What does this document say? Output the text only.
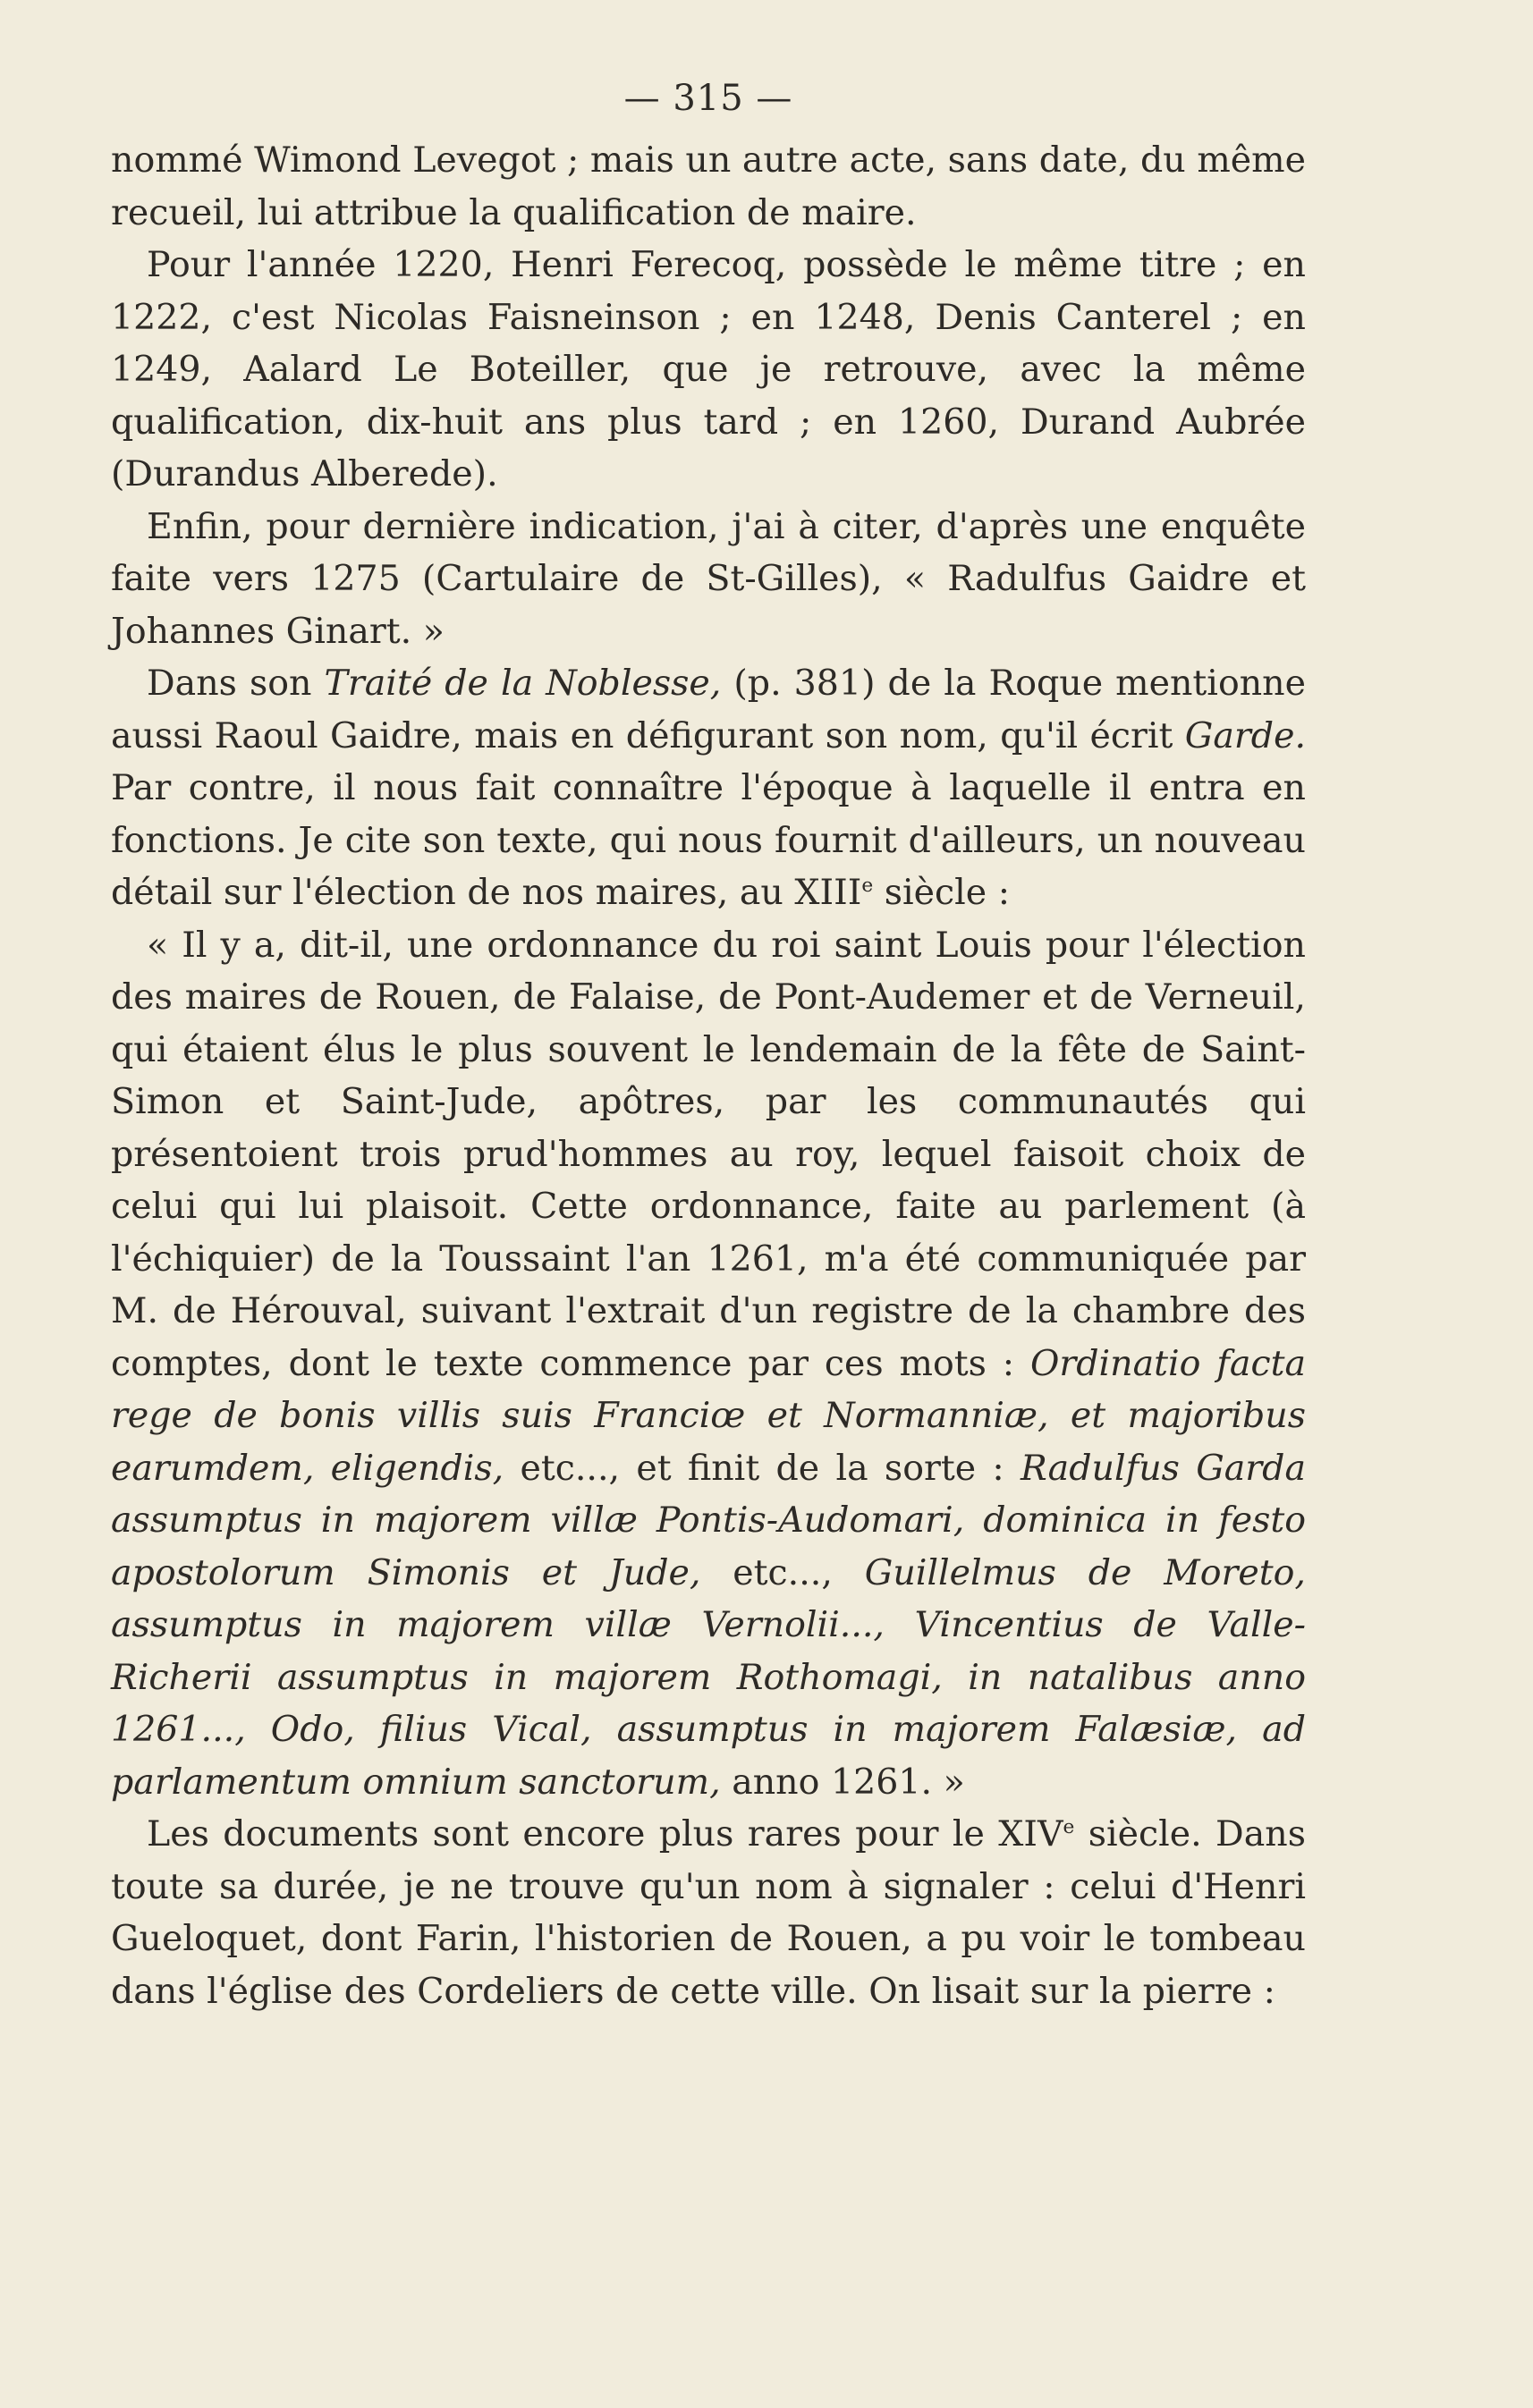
— 315 —

nommé Wimond Levegot ; mais un autre acte, sans date, du même recueil, lui attribue la qualification de maire.

Pour l'année 1220, Henri Ferecoq, possède le même titre ; en 1222, c'est Nicolas Faisneinson ; en 1248, Denis Canterel ; en 1249, Aalard Le Boteiller, que je retrouve, avec la même qualification, dix-huit ans plus tard ; en 1260, Durand Aubrée (Durandus Alberede).

Enfin, pour dernière indication, j'ai à citer, d'après une enquête faite vers 1275 (Cartulaire de St-Gilles), « Radulfus Gaidre et Johannes Ginart. »

Dans son Traité de la Noblesse, (p. 381) de la Roque mentionne aussi Raoul Gaidre, mais en défigurant son nom, qu'il écrit Garde. Par contre, il nous fait connaître l'époque à laquelle il entra en fonctions. Je cite son texte, qui nous fournit d'ailleurs, un nouveau détail sur l'élection de nos maires, au XIIIe siècle :

« Il y a, dit-il, une ordonnance du roi saint Louis pour l'élection des maires de Rouen, de Falaise, de Pont-Audemer et de Verneuil, qui étaient élus le plus souvent le lendemain de la fête de Saint-Simon et Saint-Jude, apôtres, par les communautés qui présentoient trois prud'hommes au roy, lequel faisoit choix de celui qui lui plaisoit. Cette ordonnance, faite au parlement (à l'échiquier) de la Toussaint l'an 1261, m'a été communiquée par M. de Hérouval, suivant l'extrait d'un registre de la chambre des comptes, dont le texte commence par ces mots : Ordinatio facta rege de bonis villis suis Franciœ et Normanniæ, et majoribus earumdem, eligendis, etc..., et finit de la sorte : Radulfus Garda assumptus in majorem villæ Pontis-Audomari, dominica in festo apostolorum Simonis et Jude, etc..., Guillelmus de Moreto, assumptus in majorem villæ Vernolii..., Vincentius de Valle-Richerii assumptus in majorem Rothomagi, in natalibus anno 1261..., Odo, filius Vical, assumptus in majorem Falæsiæ, ad parlamentum omnium sanctorum, anno 1261. »

Les documents sont encore plus rares pour le XIVe siècle. Dans toute sa durée, je ne trouve qu'un nom à signaler : celui d'Henri Gueloquet, dont Farin, l'historien de Rouen, a pu voir le tombeau dans l'église des Cordeliers de cette ville. On lisait sur la pierre :
